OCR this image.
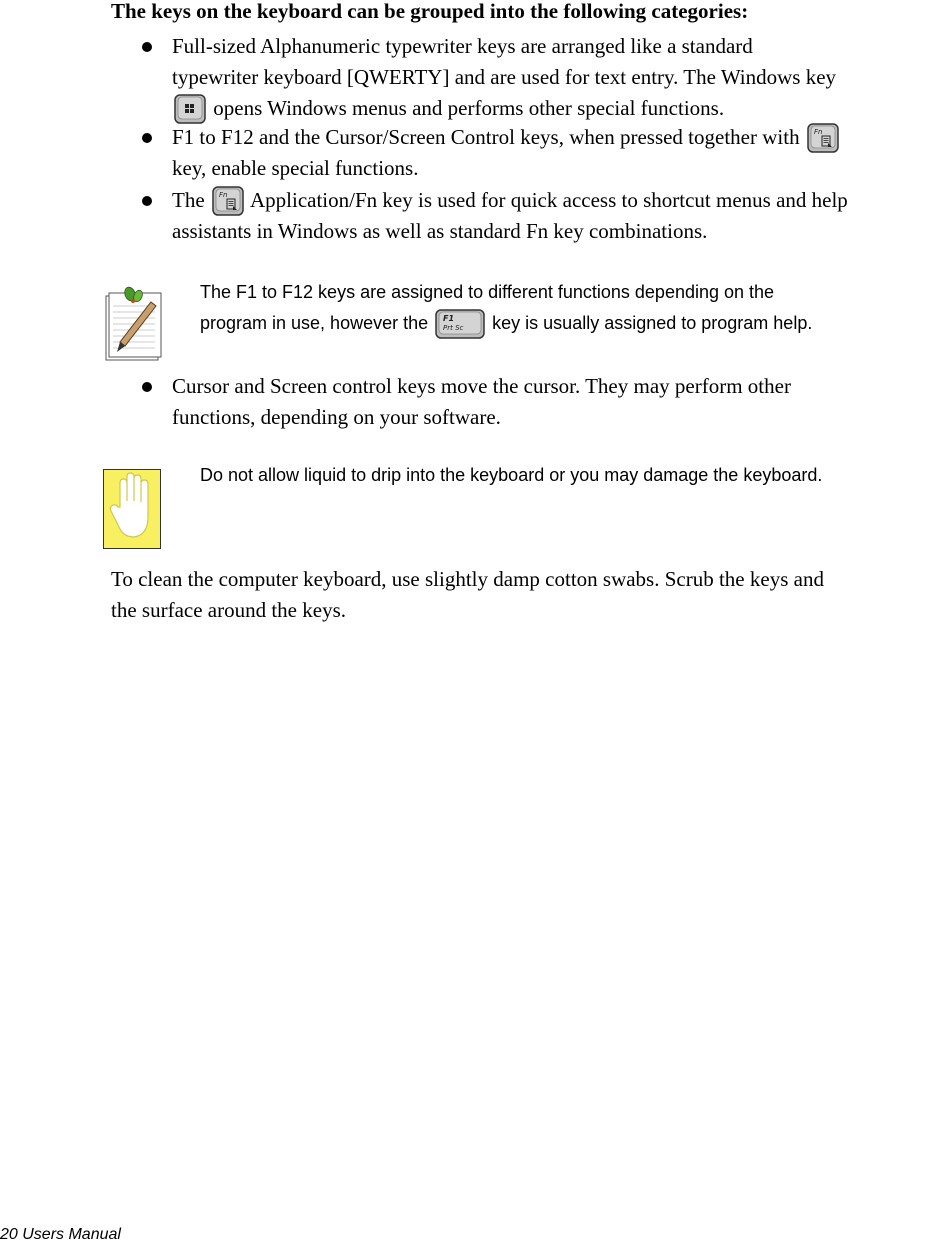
The keys on the keyboard can be grouped into the following categories:
Full-sized Alphanumeric typewriter keys are arranged like a standard
typewriter keyboard [QWERTY] and are used for text entry. The Windows key
opens Windows menus and performs other special functions.
F1 to F12 and the Cursor/Screen Control keys, when pressed together with Fn
key, enable special functions.
The Fn Application/Fn key is used for quick access to shortcut menus and help
assistants in Windows as well as standard Fn key combinations.
The F1 to F12 keys are assigned to different functions depending on the
program in use, however the F1
Prt Sc key is usually assigned to program help.
Cursor and Screen control keys move the cursor. They may perform other
functions, depending on your software.
Do not allow liquid to drip into the keyboard or you may damage the keyboard.
To clean the computer keyboard, use slightly damp cotton swabs. Scrub the keys and
the surface around the keys.
20 Users Manual
